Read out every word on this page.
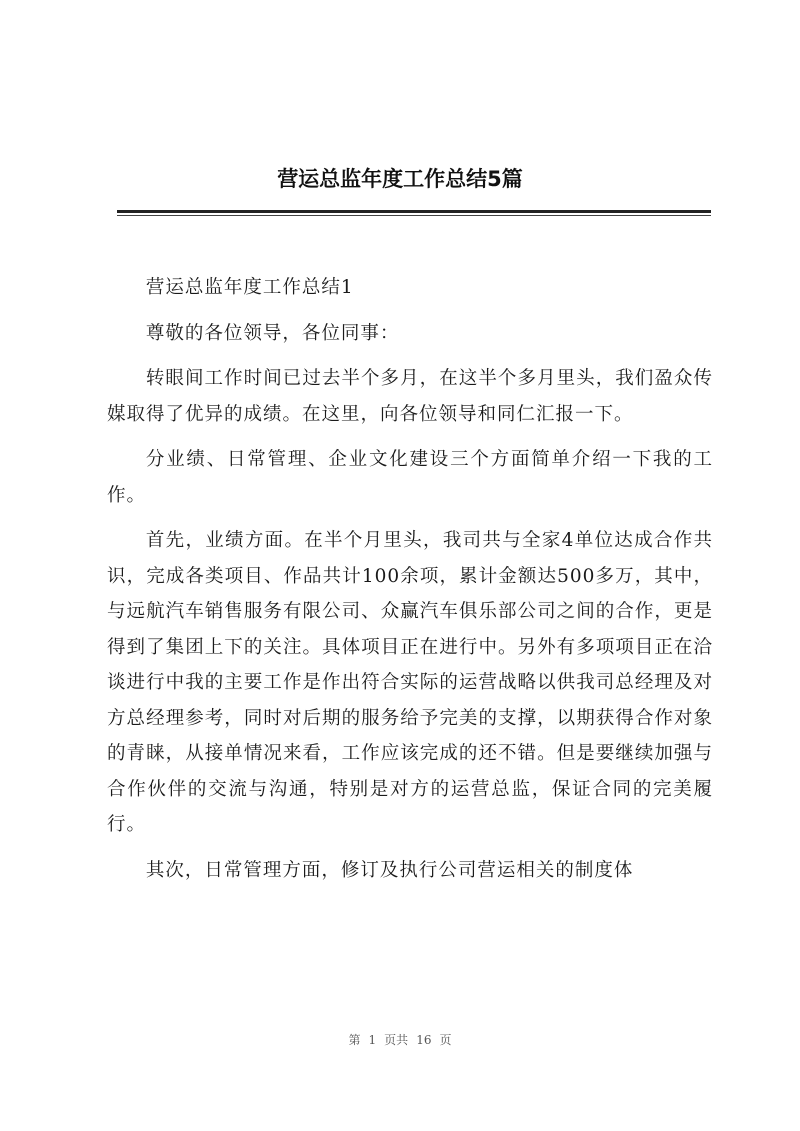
营运总监年度工作总结5篇

营运总监年度工作总结1

尊敬的各位领导，各位同事：

转眼间工作时间已过去半个多月，在这半个多月里头，我们盈众传媒取得了优异的成绩。在这里，向各位领导和同仁汇报一下。

分业绩、日常管理、企业文化建设三个方面简单介绍一下我的工作。

首先，业绩方面。在半个月里头，我司共与全家4单位达成合作共识，完成各类项目、作品共计100余项，累计金额达500多万，其中，与远航汽车销售服务有限公司、众赢汽车俱乐部公司之间的合作，更是得到了集团上下的关注。具体项目正在进行中。另外有多项项目正在洽谈进行中我的主要工作是作出符合实际的运营战略以供我司总经理及对方总经理参考，同时对后期的服务给予完美的支撑，以期获得合作对象的青睐，从接单情况来看，工作应该完成的还不错。但是要继续加强与合作伙伴的交流与沟通，特别是对方的运营总监，保证合同的完美履行。

其次，日常管理方面，修订及执行公司营运相关的制度体

第 1 页共 16 页
